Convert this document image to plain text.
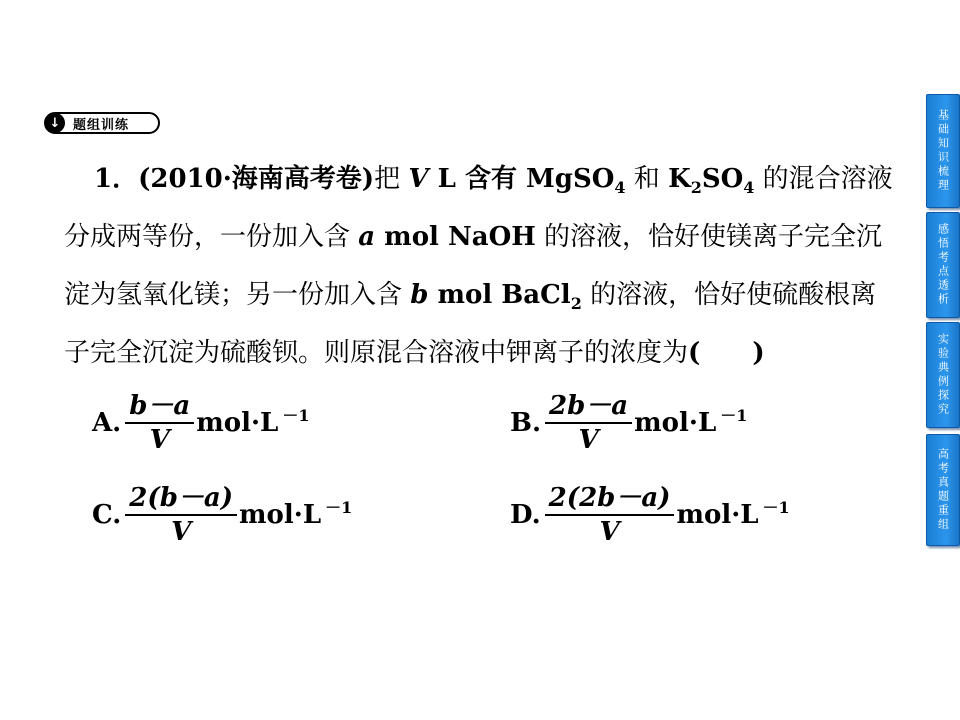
↓ 题组训练
1．(2010·海南高考卷)把 V L 含有 MgSO$_4$ 和 $K_2SO_4$ 的混合溶液
分成两等份，一份加入含 a mol NaOH 的溶液，恰好使镁离子完全沉
淀为氢氧化镁；另一份加入含 b mol BaCl$_2$ 的溶液，恰好使硫酸根离
子完全沉淀为硫酸钡。则原混合溶液中钾离子的浓度为(　　)
A. $\frac{b-a}{V} mol\cdot L$ $^{-1}$	B. $\frac{2b-a}{V} mol\cdot L$ $^{-1}$
C. $\frac{2(b-a)}{V} mol\cdot L$ $^{-1}$	D. $\frac{2(2b-a)}{V} mol\cdot L$ $^{-1}$
基础知识梳理
感悟考点透析
实验典例探究
高考真题重组
